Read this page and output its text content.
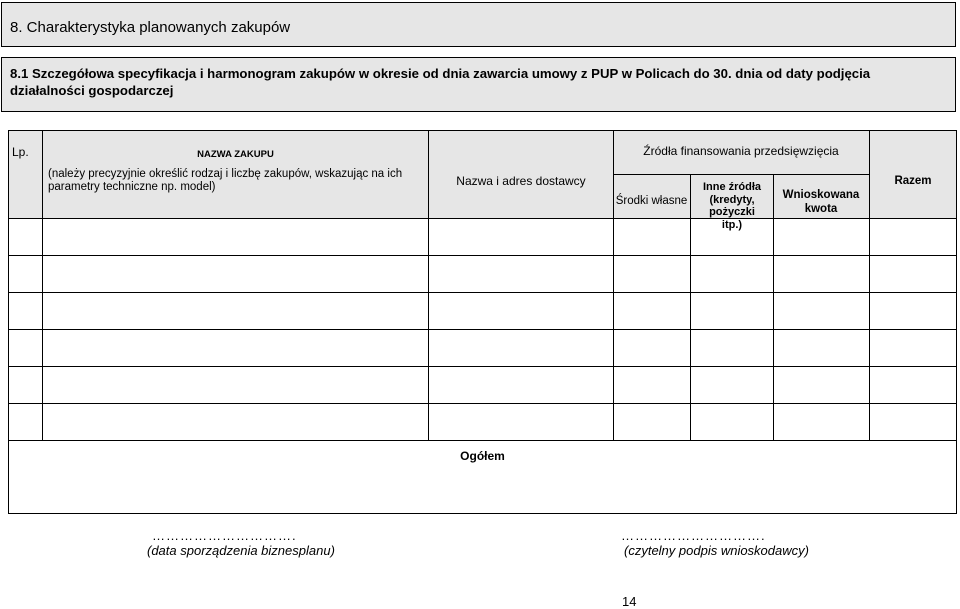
8. Charakterystyka planowanych zakupów
8.1 Szczegółowa specyfikacja i harmonogram zakupów w okresie od dnia zawarcia umowy z PUP w Policach do 30. dnia od daty podjęcia działalności gospodarczej
Lp.	NAZWA ZAKUPU
(należy precyzyjnie określić rodzaj i liczbę zakupów, wskazując na ich parametry techniczne np. model)	Nazwa i adres dostawcy
Źródła finansowania przedsięwzięcia
Środki własne
Inne źródła (kredyty, pożyczki itp.)
Wnioskowana kwota
Razem
Ogółem
………………………….
(data sporządzenia biznesplanu)
………………………….
(czytelny podpis wnioskodawcy)
14
